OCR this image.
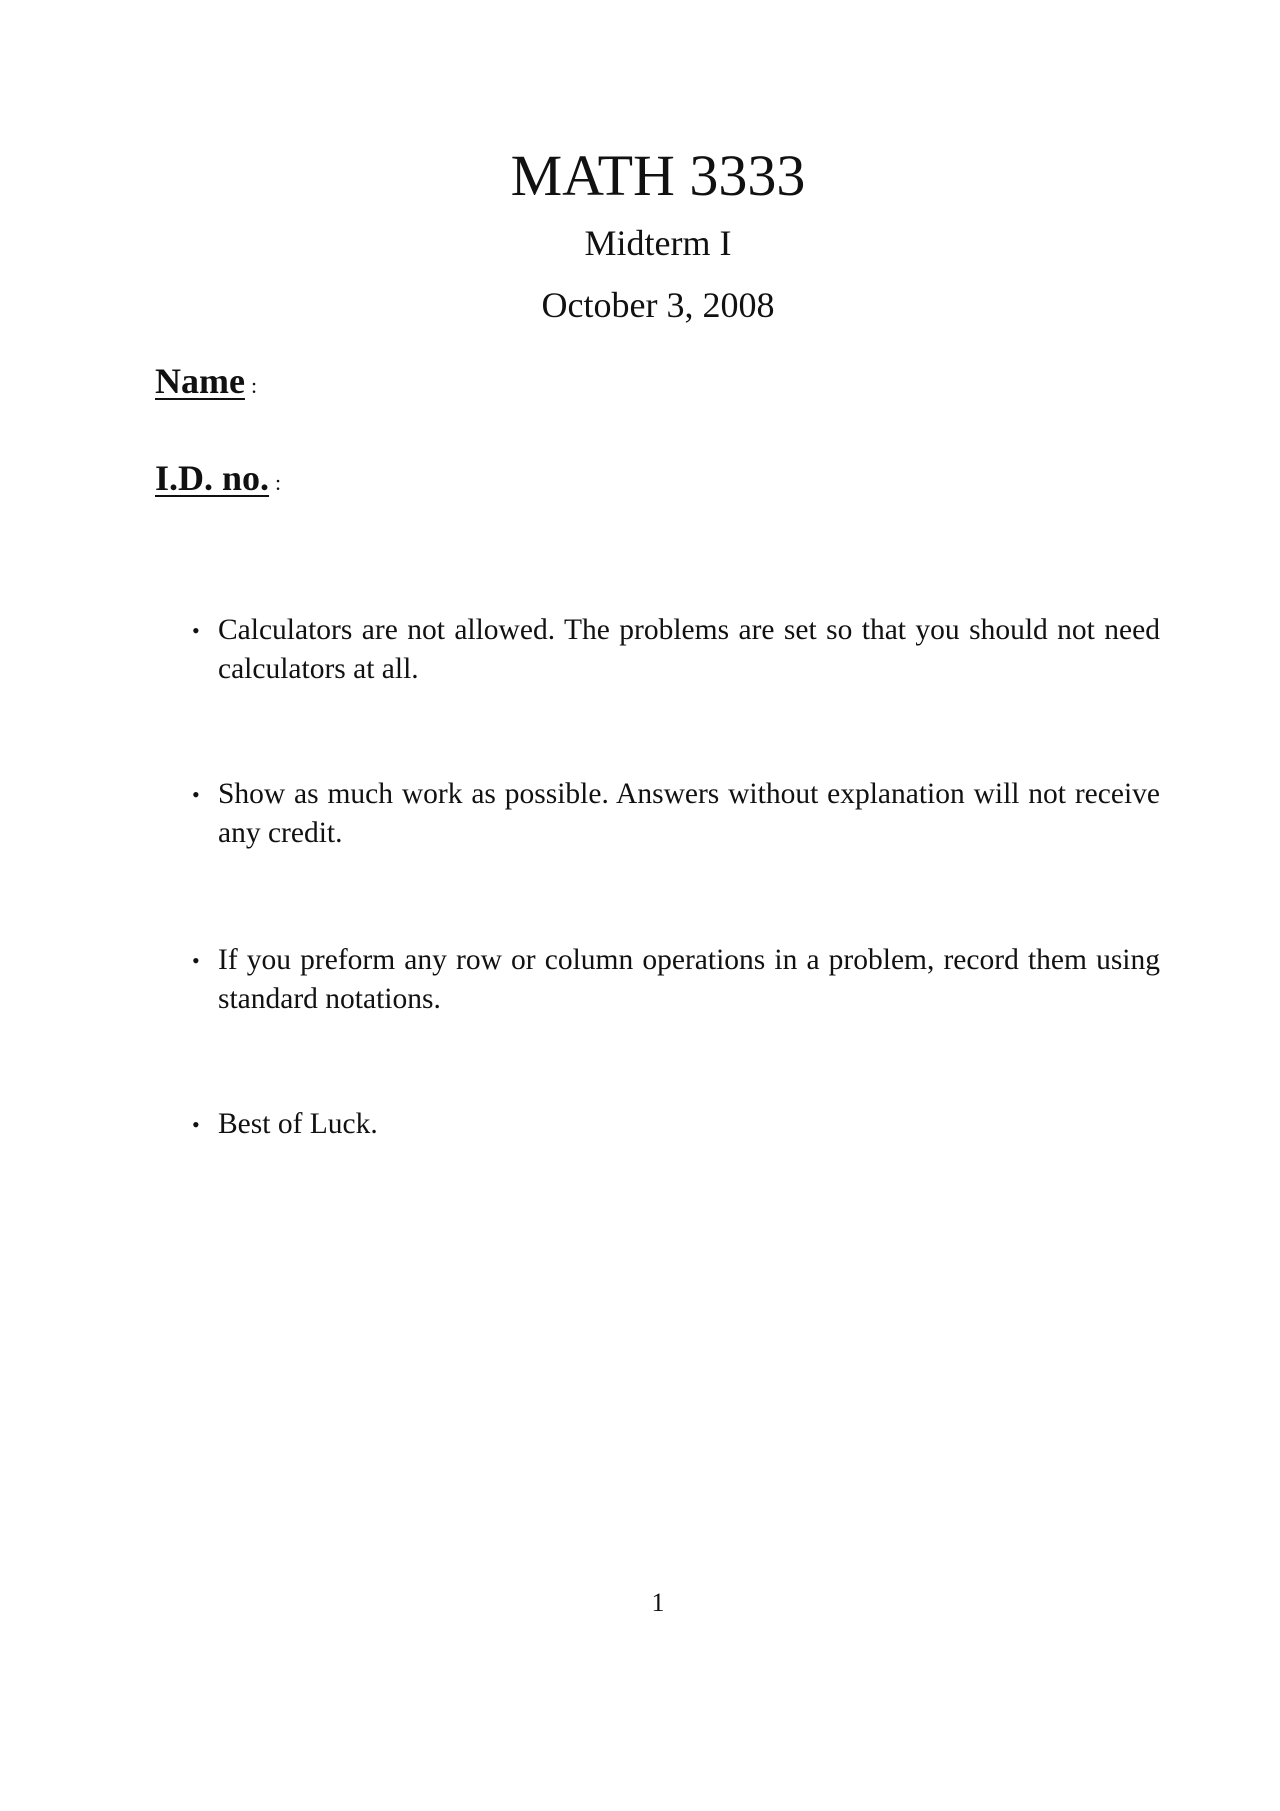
MATH 3333
Midterm I
October 3, 2008
Name :
I.D. no. :
• Calculators are not allowed. The problems are set so that you should not need calculators at all.
• Show as much work as possible. Answers without explanation will not receive any credit.
• If you preform any row or column operations in a problem, record them using standard notations.
• Best of Luck.
1
